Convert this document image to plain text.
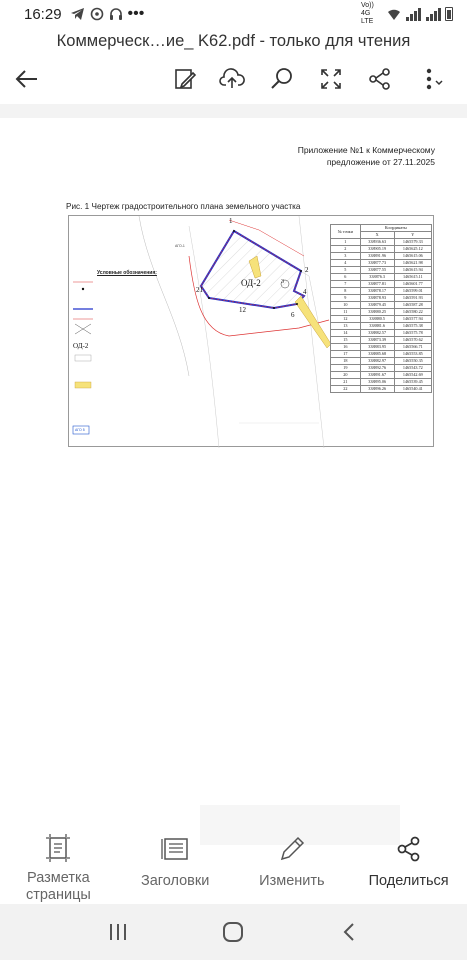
16:29	•••	Vo)) 4G LTE
Коммерческ…ие_ K62.pdf - только для чтения
Приложение №1 к Коммерческому
предложение от 27.11.2025
Рис. 1 Чертеж градостроительного плана земельного участка
Условные обозначения:
ОД-2
ОД-2
АГО-1
АГО 5
1
2
3
4
21
12
6
№ точки	Координаты	
	X	Y
1	338936.63	1465579.33
2	338905.19	1465625.12
3	338891.96	1465615.06
4	338877.73	1465621.98
5	338877.55	1465615.94
6	338876.3	1465615.11
7	338877.81	1465601.77
8	338878.17	1465599.01
9	338878.93	1465591.93
10	338879.45	1465587.28
11	338880.25	1465580.22
12	338880.5	1465577.94
13	338881.6	1465575.38
14	338882.57	1465575.78
15	338873.39	1465570.62
16	338883.95	1465566.71
17	338885.68	1465553.85
18	338882.97	1465550.35
19	338892.76	1465543.72
20	338891.67	1465542.69
21	338895.06	1465539.45
22	338896.26	1465540.41
Разметка
страницы
Заголовки	Изменить	Поделиться
